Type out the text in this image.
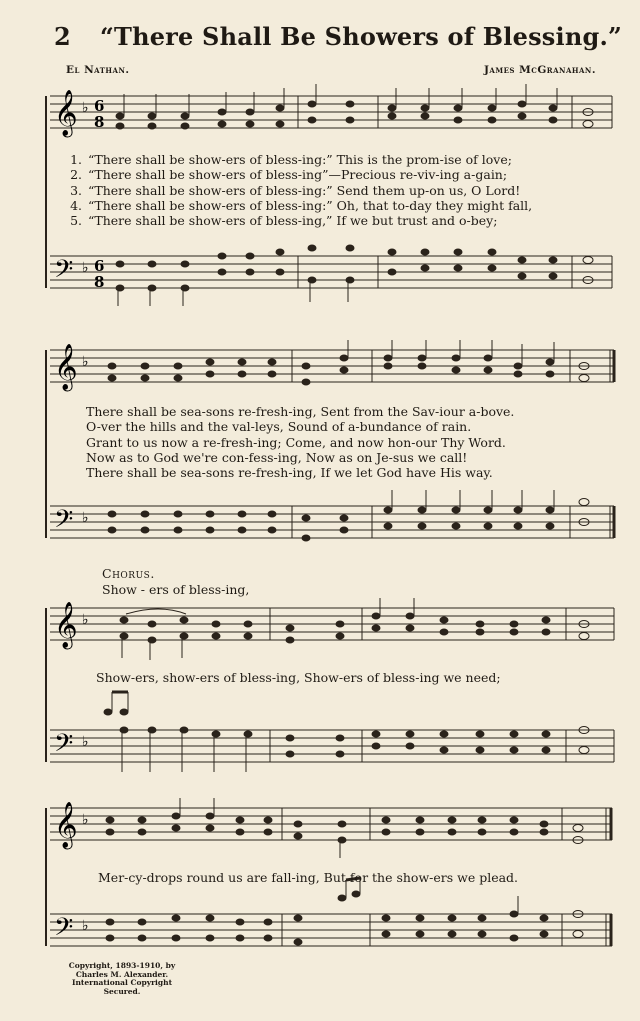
2 “There Shall Be Showers of Blessing.”
El Nathan.	James McGranahan.
𝄞
𝄢
♭
♭
6
8
6
8
1. “There shall be show-ers of bless-ing:” This is the prom-ise of love;
2. “There shall be show-ers of bless-ing”—Precious re-viv-ing a-gain;
3. “There shall be show-ers of bless-ing:” Send them up-on us, O Lord!
4. “There shall be show-ers of bless-ing:” Oh, that to-day they might fall,
5. “There shall be show-ers of bless-ing,” If we but trust and o-bey;
𝄞
𝄢
♭
♭
There shall be sea-sons re-fresh-ing, Sent from the Sav-iour a-bove.
O-ver the hills and the val-leys, Sound of a-bundance of rain.
Grant to us now a re-fresh-ing; Come, and now hon-our Thy Word.
Now as to God we're con-fess-ing, Now as on Je-sus we call!
There shall be sea-sons re-fresh-ing, If we let God have His way.
Chorus.
Show - ers of bless-ing,
𝄞
𝄢
♭
♭
Show-ers, show-ers of bless-ing, Show-ers of bless-ing we need;
𝄞
𝄢
♭
♭
Mer-cy-drops round us are fall-ing, But for the show-ers we plead.
Copyright, 1893-1910, by
Charles M. Alexander.
International Copyright Secured.
